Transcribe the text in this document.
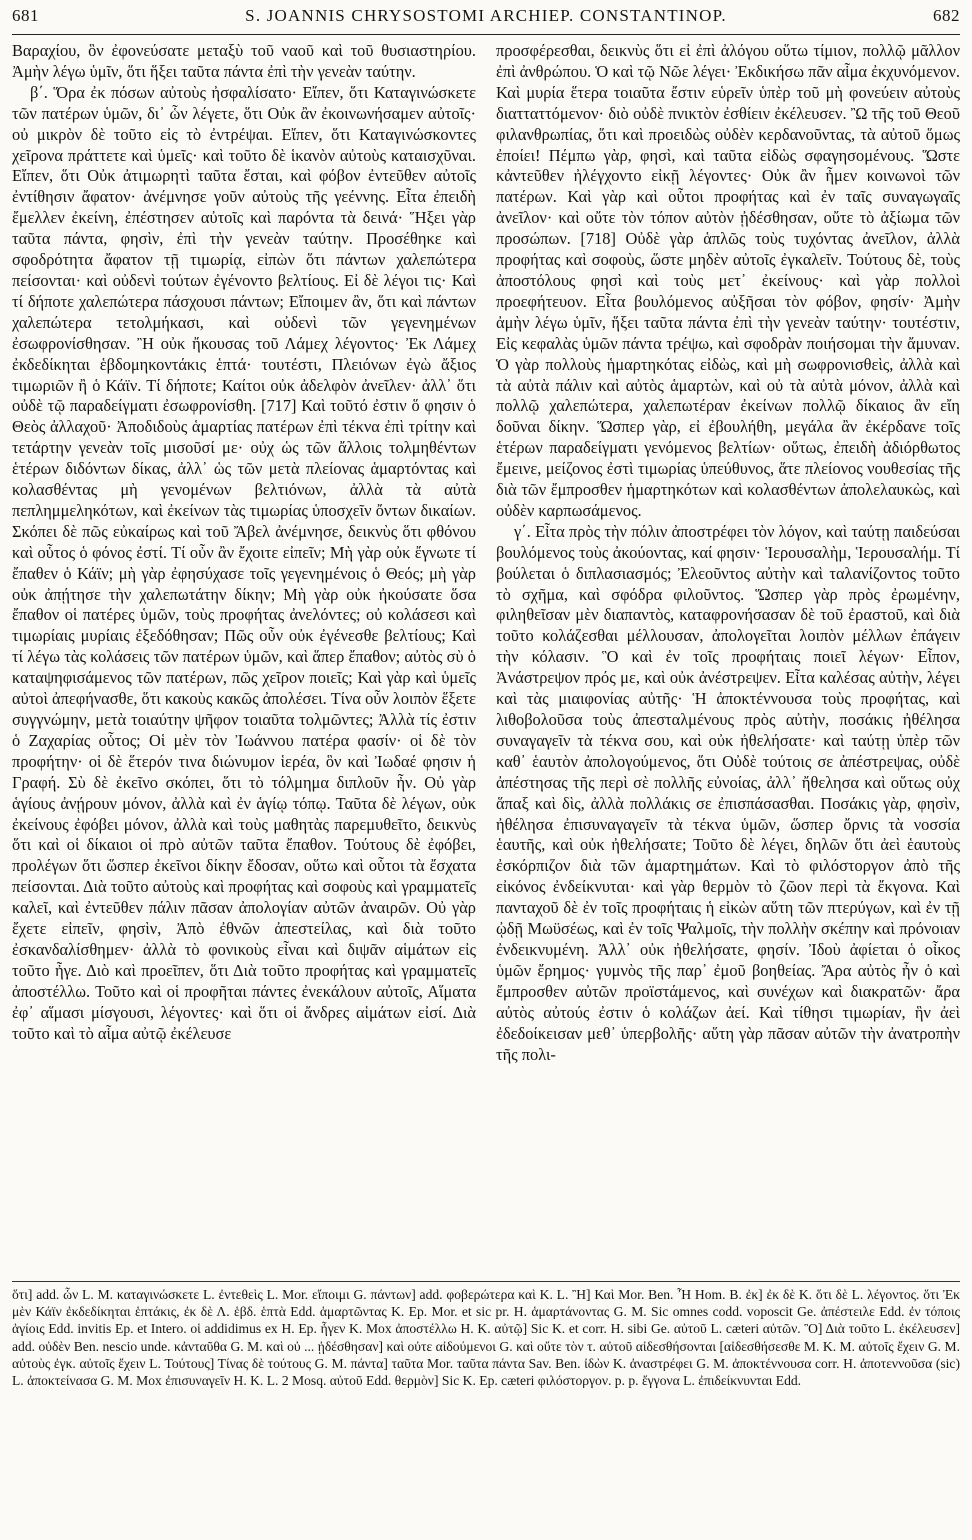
681	S. JOANNIS CHRYSOSTOMI ARCHIEP. CONSTANTINOP.	682

Βαραχίου, ὃν ἐφονεύσατε μεταξὺ τοῦ ναοῦ καὶ τοῦ θυσιαστηρίου. Ἀμὴν λέγω ὑμῖν, ὅτι ἥξει ταῦτα πάντα ἐπὶ τὴν γενεὰν ταύτην.

β΄. Ὅρα ἐκ πόσων αὐτοὺς ἠσφαλίσατο· Εἴπεν, ὅτι Καταγινώσκετε τῶν πατέρων ὑμῶν, δι᾽ ὧν λέγετε, ὅτι Οὐκ ἂν ἐκοινωνήσαμεν αὐτοῖς· οὐ μικρὸν δὲ τοῦτο εἰς τὸ ἐντρέψαι. Εἴπεν, ὅτι Καταγινώσκοντες χεῖρονα πράττετε καὶ ὑμεῖς· καὶ τοῦτο δὲ ἱκανὸν αὐτοὺς καταισχῦναι. Εἴπεν, ὅτι Οὐκ ἀτιμωρητὶ ταῦτα ἔσται, καὶ φόβον ἐντεῦθεν αὐτοῖς ἐντίθησιν ἄφατον· ἀνέμνησε γοῦν αὐτοὺς τῆς γεέννης. Εἶτα ἐπειδὴ ἔμελλεν ἐκείνη, ἐπέστησεν αὐτοῖς καὶ παρόντα τὰ δεινά· Ἥξει γὰρ ταῦτα πάντα, φησὶν, ἐπὶ τὴν γενεὰν ταύτην. Προσέθηκε καὶ σφοδρότητα ἄφατον τῇ τιμωρίᾳ, εἰπὼν ὅτι πάντων χαλεπώτερα πείσονται· καὶ οὐδενὶ τούτων ἐγένοντο βελτίους. Εἰ δὲ λέγοι τις· Καὶ τί δήποτε χαλεπώτερα πάσχουσι πάντων; Εἴποιμεν ἂν, ὅτι καὶ πάντων χαλεπώτερα τετολμήκασι, καὶ οὐδενὶ τῶν γεγενημένων ἐσωφρονίσθησαν. Ἢ οὐκ ἤκουσας τοῦ Λάμεχ λέγοντος· Ἐκ Λάμεχ ἐκδεδίκηται ἑβδομηκοντάκις ἑπτά· τουτέστι, Πλειόνων ἐγὼ ἄξιος τιμωριῶν ἢ ὁ Κάϊν. Τί δήποτε; Καίτοι οὐκ ἀδελφὸν ἀνεῖλεν· ἀλλ᾽ ὅτι οὐδὲ τῷ παραδείγματι ἐσωφρονίσθη. [717] Καὶ τοῦτό ἐστιν ὅ φησιν ὁ Θεὸς ἀλλαχοῦ· Ἀποδιδοὺς ἁμαρτίας πατέρων ἐπὶ τέκνα ἐπὶ τρίτην καὶ τετάρτην γενεὰν τοῖς μισοῦσί με· οὐχ ὡς τῶν ἄλλοις τολμηθέντων ἑτέρων διδόντων δίκας, ἀλλ᾽ ὡς τῶν μετὰ πλείονας ἁμαρτόντας καὶ κολασθέντας μὴ γενομένων βελτιόνων, ἀλλὰ τὰ αὐτὰ πεπλημμεληκότων, καὶ ἐκείνων τὰς τιμωρίας ὑποσχεῖν ὄντων δικαίων. Σκόπει δὲ πῶς εὐκαίρως καὶ τοῦ Ἄβελ ἀνέμνησε, δεικνὺς ὅτι φθόνου καὶ οὗτος ὁ φόνος ἐστί. Τί οὖν ἂν ἔχοιτε εἰπεῖν; Μὴ γὰρ οὐκ ἔγνωτε τί ἔπαθεν ὁ Κάϊν; μὴ γὰρ ἐφησύχασε τοῖς γεγενημένοις ὁ Θεός; μὴ γὰρ οὐκ ἀπῄτησε τὴν χαλεπωτάτην δίκην; Μὴ γὰρ οὐκ ἠκούσατε ὅσα ἔπαθον οἱ πατέρες ὑμῶν, τοὺς προφήτας ἀνελόντες; οὐ κολάσεσι καὶ τιμωρίαις μυρίαις ἐξεδόθησαν; Πῶς οὖν οὐκ ἐγένεσθε βελτίους; Καὶ τί λέγω τὰς κολάσεις τῶν πατέρων ὑμῶν, καὶ ἅπερ ἔπαθον; αὐτὸς σὺ ὁ καταψηφισάμενος τῶν πατέρων, πῶς χεῖρον ποιεῖς; Καὶ γὰρ καὶ ὑμεῖς αὐτοὶ ἀπεφήνασθε, ὅτι κακοὺς κακῶς ἀπολέσει. Τίνα οὖν λοιπὸν ἕξετε συγγνώμην, μετὰ τοιαύτην ψῆφον τοιαῦτα τολμῶντες; Ἀλλὰ τίς ἐστιν ὁ Ζαχαρίας οὗτος; Οἱ μὲν τὸν Ἰωάννου πατέρα φασίν· οἱ δὲ τὸν προφήτην· οἱ δὲ ἕτερόν τινα διώνυμον ἱερέα, ὃν καὶ Ἰωδαέ φησιν ἡ Γραφή. Σὺ δὲ ἐκεῖνο σκόπει, ὅτι τὸ τόλμημα διπλοῦν ἦν. Οὐ γὰρ ἁγίους ἀνῄρουν μόνον, ἀλλὰ καὶ ἐν ἁγίῳ τόπῳ. Ταῦτα δὲ λέγων, οὐκ ἐκείνους ἐφόβει μόνον, ἀλλὰ καὶ τοὺς μαθητὰς παρεμυθεῖτο, δεικνὺς ὅτι καὶ οἱ δίκαιοι οἱ πρὸ αὐτῶν ταῦτα ἔπαθον. Τούτους δὲ ἐφόβει, προλέγων ὅτι ὥσπερ ἐκεῖνοι δίκην ἔδοσαν, οὕτω καὶ οὗτοι τὰ ἔσχατα πείσονται. Διὰ τοῦτο αὐτοὺς καὶ προφήτας καὶ σοφοὺς καὶ γραμματεῖς καλεῖ, καὶ ἐντεῦθεν πάλιν πᾶσαν ἀπολογίαν αὐτῶν ἀναιρῶν. Οὐ γὰρ ἔχετε εἰπεῖν, φησὶν, Ἀπὸ ἐθνῶν ἀπεστείλας, καὶ διὰ τοῦτο ἐσκανδαλίσθημεν· ἀλλὰ τὸ φονικοὺς εἶναι καὶ διψᾶν αἱμάτων εἰς τοῦτο ἦγε. Διὸ καὶ προεῖπεν, ὅτι Διὰ τοῦτο προφήτας καὶ γραμματεῖς ἀποστέλλω. Τοῦτο καὶ οἱ προφῆται πάντες ἐνεκάλουν αὐτοῖς, Αἵματα ἐφ᾽ αἵμασι μίσγουσι, λέγοντες· καὶ ὅτι οἱ ἄνδρες αἱμάτων εἰσί. Διὰ τοῦτο καὶ τὸ αἷμα αὐτῷ ἐκέλευσε

προσφέρεσθαι, δεικνὺς ὅτι εἰ ἐπὶ ἀλόγου οὕτω τίμιον, πολλῷ μᾶλλον ἐπὶ ἀνθρώπου. Ὁ καὶ τῷ Νῶε λέγει· Ἐκδικήσω πᾶν αἷμα ἐκχυνόμενον. Καὶ μυρία ἕτερα τοιαῦτα ἔστιν εὑρεῖν ὑπὲρ τοῦ μὴ φονεύειν αὐτοὺς διατταττόμενον· διὸ οὐδὲ πνικτὸν ἐσθίειν ἐκέλευσεν. Ὢ τῆς τοῦ Θεοῦ φιλανθρωπίας, ὅτι καὶ προειδὼς οὐδὲν κερδανοῦντας, τὰ αὐτοῦ ὅμως ἐποίει! Πέμπω γὰρ, φησὶ, καὶ ταῦτα εἰδὼς σφαγησομένους. Ὥστε κἀντεῦθεν ἠλέγχοντο εἰκῇ λέγοντες· Οὐκ ἂν ἦμεν κοινωνοὶ τῶν πατέρων. Καὶ γὰρ καὶ οὗτοι προφήτας καὶ ἐν ταῖς συναγωγαῖς ἀνεῖλον· καὶ οὔτε τὸν τόπον αὐτὸν ᾐδέσθησαν, οὔτε τὸ ἀξίωμα τῶν προσώπων. [718] Οὐδὲ γὰρ ἁπλῶς τοὺς τυχόντας ἀνεῖλον, ἀλλὰ προφήτας καὶ σοφοὺς, ὥστε μηδὲν αὐτοῖς ἐγκαλεῖν. Τούτους δὲ, τοὺς ἀποστόλους φησὶ καὶ τοὺς μετ᾽ ἐκείνους· καὶ γὰρ πολλοὶ προεφήτευον. Εἶτα βουλόμενος αὐξῆσαι τὸν φόβον, φησίν· Ἀμὴν ἀμὴν λέγω ὑμῖν, ἥξει ταῦτα πάντα ἐπὶ τὴν γενεὰν ταύτην· τουτέστιν, Εἰς κεφαλὰς ὑμῶν πάντα τρέψω, καὶ σφοδρὰν ποιήσομαι τὴν ἄμυναν. Ὁ γὰρ πολλοὺς ἡμαρτηκότας εἰδὼς, καὶ μὴ σωφρονισθεὶς, ἀλλὰ καὶ τὰ αὐτὰ πάλιν καὶ αὐτὸς ἁμαρτὼν, καὶ οὐ τὰ αὐτὰ μόνον, ἀλλὰ καὶ πολλῷ χαλεπώτερα, χαλεπωτέραν ἐκείνων πολλῷ δίκαιος ἂν εἴη δοῦναι δίκην. Ὥσπερ γὰρ, εἰ ἐβουλήθη, μεγάλα ἂν ἐκέρδανε τοῖς ἑτέρων παραδείγματι γενόμενος βελτίων· οὕτως, ἐπειδὴ ἀδιόρθωτος ἔμεινε, μείζονος ἐστὶ τιμωρίας ὑπεύθυνος, ἅτε πλείονος νουθεσίας τῆς διὰ τῶν ἔμπροσθεν ἡμαρτηκότων καὶ κολασθέντων ἀπολελαυκὼς, καὶ οὐδὲν καρπωσάμενος.

γ΄. Εἶτα πρὸς τὴν πόλιν ἀποστρέφει τὸν λόγον, καὶ ταύτῃ παιδεύσαι βουλόμενος τοὺς ἀκούοντας, καί φησιν· Ἱερουσαλὴμ, Ἱερουσαλήμ. Τί βούλεται ὁ διπλασιασμός; Ἐλεοῦντος αὐτὴν καὶ ταλανίζοντος τοῦτο τὸ σχῆμα, καὶ σφόδρα φιλοῦντος. Ὥσπερ γὰρ πρὸς ἐρωμένην, φιληθεῖσαν μὲν διαπαντὸς, καταφρονήσασαν δὲ τοῦ ἐραστοῦ, καὶ διὰ τοῦτο κολάζεσθαι μέλλουσαν, ἀπολογεῖται λοιπὸν μέλλων ἐπάγειν τὴν κόλασιν. Ὃ καὶ ἐν τοῖς προφήταις ποιεῖ λέγων· Εἶπον, Ἀνάστρεψον πρός με, καὶ οὐκ ἀνέστρεψεν. Εἶτα καλέσας αὐτὴν, λέγει καὶ τὰς μιαιφονίας αὐτῆς· Ἡ ἀποκτέννουσα τοὺς προφήτας, καὶ λιθοβολοῦσα τοὺς ἀπεσταλμένους πρὸς αὐτὴν, ποσάκις ἠθέλησα συναγαγεῖν τὰ τέκνα σου, καὶ οὐκ ἠθελήσατε· καὶ ταύτῃ ὑπὲρ τῶν καθ᾽ ἑαυτὸν ἀπολογούμενος, ὅτι Οὐδὲ τούτοις σε ἀπέστρεψας, οὐδὲ ἀπέστησας τῆς περὶ σὲ πολλῆς εὐνοίας, ἀλλ᾽ ἤθελησα καὶ οὕτως οὐχ ἅπαξ καὶ δὶς, ἀλλὰ πολλάκις σε ἐπισπάσασθαι. Ποσάκις γὰρ, φησὶν, ἠθέλησα ἐπισυναγαγεῖν τὰ τέκνα ὑμῶν, ὥσπερ ὄρνις τὰ νοσσία ἑαυτῆς, καὶ οὐκ ἠθελήσατε; Τοῦτο δὲ λέγει, δηλῶν ὅτι ἀεὶ ἑαυτοὺς ἐσκόρπιζον διὰ τῶν ἁμαρτημάτων. Καὶ τὸ φιλόστοργον ἀπὸ τῆς εἰκόνος ἐνδείκνυται· καὶ γὰρ θερμὸν τὸ ζῶον περὶ τὰ ἔκγονα. Καὶ πανταχοῦ δὲ ἐν τοῖς προφήταις ἡ εἰκὼν αὕτη τῶν πτερύγων, καὶ ἐν τῇ ᾠδῇ Μωϋσέως, καὶ ἐν τοῖς Ψαλμοῖς, τὴν πολλὴν σκέπην καὶ πρόνοιαν ἐνδεικνυμένη. Ἀλλ᾽ οὐκ ἠθελήσατε, φησίν. Ἰδοὺ ἀφίεται ὁ οἶκος ὑμῶν ἔρημος· γυμνὸς τῆς παρ᾽ ἐμοῦ βοηθείας. Ἄρα αὐτὸς ἦν ὁ καὶ ἔμπροσθεν αὐτῶν προϊστάμενος, καὶ συνέχων καὶ διακρατῶν· ἄρα αὐτὸς αὐτούς ἐστιν ὁ κολάζων ἀεί. Καὶ τίθησι τιμωρίαν, ἣν ἀεὶ ἐδεδοίκεισαν μεθ᾽ ὑπερβολῆς· αὕτη γὰρ πᾶσαν αὐτῶν τὴν ἀνατροπὴν τῆς πολι-

ὅτι] add. ὧν L. M. καταγινώσκετε L. ἐντεθεὶς L. Mor. εἴποιμι G. πάντων] add. φοβερώτερα καὶ K. L. Ἢ] Καὶ Mor. Ben. Ἦ Hom. B. ἐκ] ἐκ δὲ K. ὅτι δὲ L. λέγοντος. ὅτι Ἐκ μὲν Κάϊν ἐκδεδίκηται ἑπτάκις, ἐκ δὲ Λ. ἑβδ. ἑπτὰ Edd. ἁμαρτῶντας K. Ep. Mor. et sic pr. H. ἁμαρτάνοντας G. M. Sic omnes codd. voposcit Ge. ἀπέστειλε Edd. ἐν τόποις ἁγίοις Edd. invitis Ep. et Intero. οἱ addidimus ex H. Ep. ἦγεν K. Mox ἀποστέλλω H. K. αὐτῷ] Sic K. et corr. H. sibi Ge. αὐτοῦ L. cæteri αὐτῶν. Ὃ] Διὰ τοῦτο L. ἐκέλευσεν] add. οὐδὲν Ben. nescio unde. κἀνταῦθα G. M. καὶ οὐ ... ᾐδέσθησαν] καὶ οὐτε αἰδούμενοι G. καὶ οὔτε τὸν τ. αὐτοῦ αἰδεσθήσονται [αἰδεσθήσεσθε M. K. M. αὐτοῖς ἔχειν G. M. αὐτοὺς ἐγκ. αὐτοῖς ἔχειν L. Τούτους] Τίνας δὲ τούτους G. M. πάντα] ταῦτα Mor. ταῦτα πάντα Sav. Ben. ἰδὼν K. ἀναστρέφει G. M. ἀποκτέννουσα corr. H. ἀποτεννοῦσα (sic) L. ἀποκτείνασα G. M. Mox ἐπισυναγεῖν H. K. L. 2 Mosq. αὐτοῦ Edd. θερμὸν] Sic K. Ep. cæteri φιλόστοργον. p. p. ἔγγονα L. ἐπιδείκνυνται Edd.
